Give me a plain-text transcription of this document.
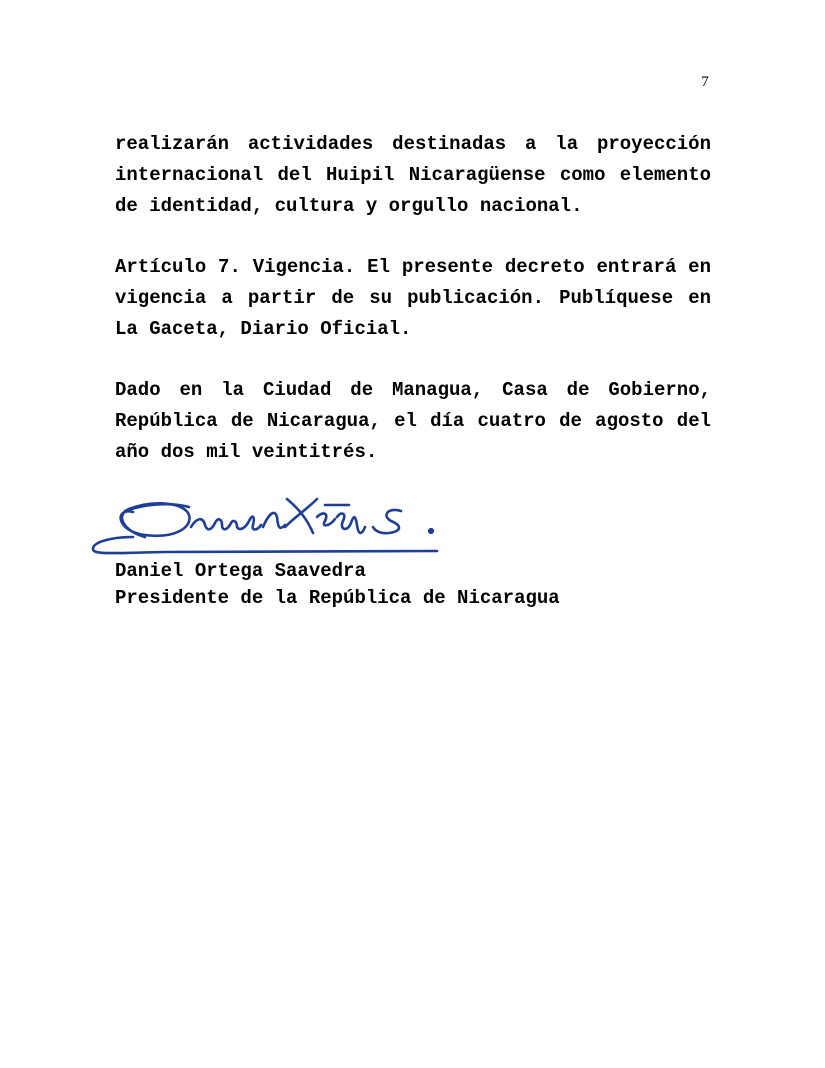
7

realizarán actividades destinadas a la proyección internacional del Huipil Nicaragüense como elemento de identidad, cultura y orgullo nacional.

Artículo 7. Vigencia. El presente decreto entrará en vigencia a partir de su publicación. Publíquese en La Gaceta, Diario Oficial.

Dado en la Ciudad de Managua, Casa de Gobierno, República de Nicaragua, el día cuatro de agosto del año dos mil veintitrés.

Daniel Ortega Saavedra
Presidente de la República de Nicaragua
